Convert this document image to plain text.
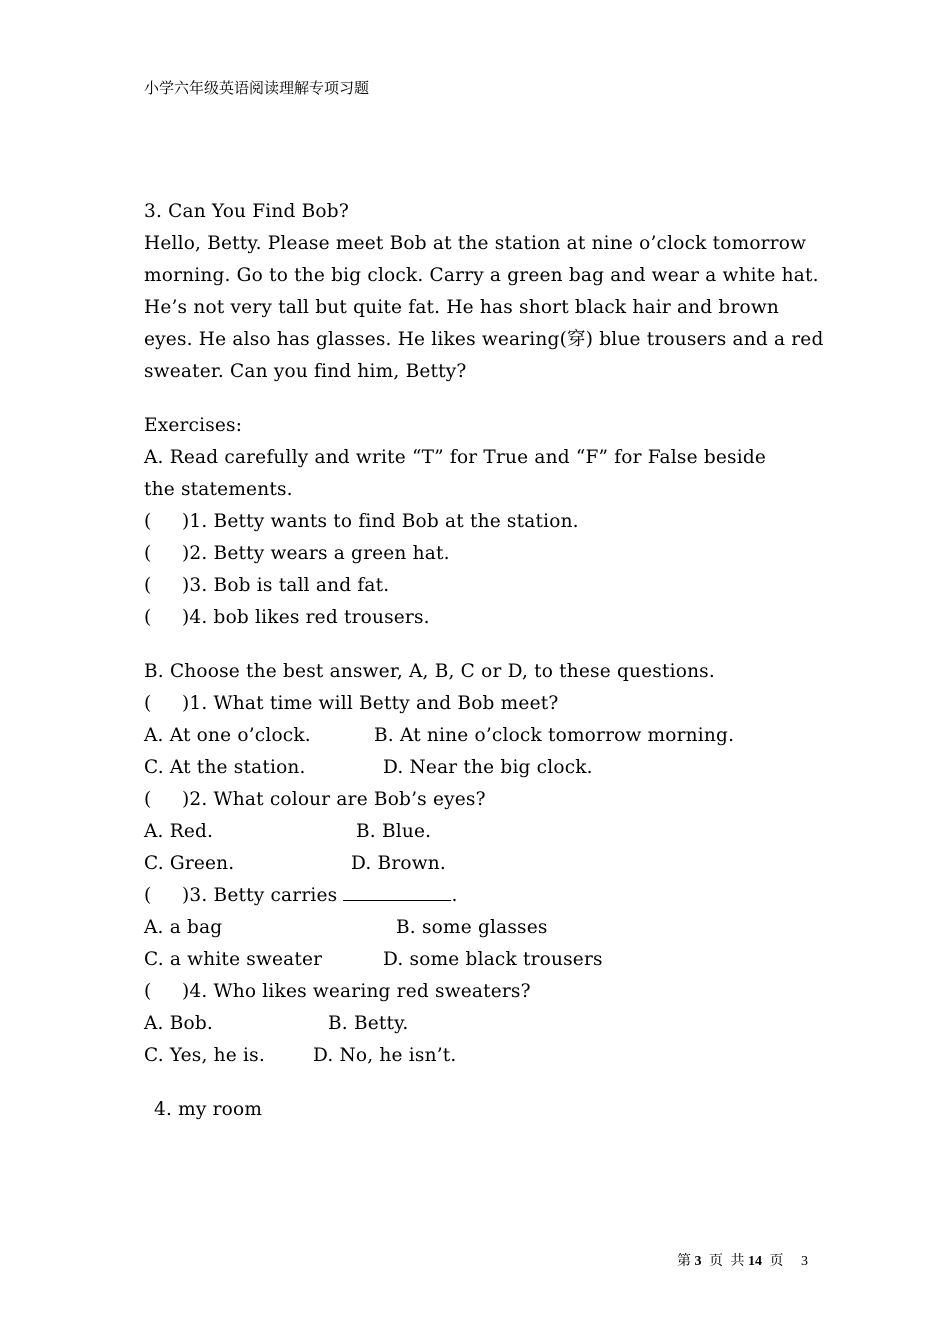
小学六年级英语阅读理解专项习题
3. Can You Find Bob?

Hello, Betty. Please meet Bob at the station at nine o’clock tomorrow morning. Go to the big clock. Carry a green bag and wear a white hat. He’s not very tall but quite fat. He has short black hair and brown eyes. He also has glasses. He likes wearing(穿) blue trousers and a red sweater. Can you find him, Betty?

Exercises:
A. Read carefully and write “T” for True and “F” for False beside
the statements.
( )1. Betty wants to find Bob at the station.
( )2. Betty wears a green hat.
( )3. Bob is tall and fat.
( )4. bob likes red trousers.
B. Choose the best answer, A, B, C or D, to these questions.
( )1. What time will Betty and Bob meet?
A. At one o’clock.	B. At nine o’clock tomorrow morning.
C. At the station.	D. Near the big clock.
( )2. What colour are Bob’s eyes?
A. Red.	B. Blue.
C. Green.	D. Brown.
( )3. Betty carries	.
A. a bag	B. some glasses
C. a white sweater	D. some black trousers
( )4. Who likes wearing red sweaters?
A. Bob.	B. Betty.
C. Yes, he is.	D. No, he isn’t.
4. my room
第 3 页 共 14 页 3
